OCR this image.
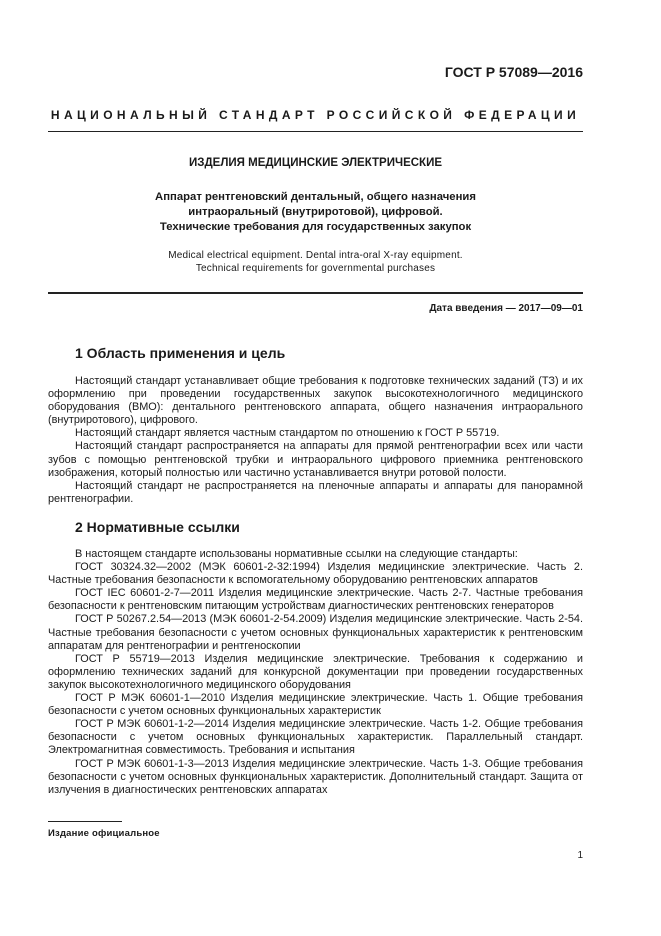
ГОСТ Р 57089—2016
НАЦИОНАЛЬНЫЙ СТАНДАРТ РОССИЙСКОЙ ФЕДЕРАЦИИ
ИЗДЕЛИЯ МЕДИЦИНСКИЕ ЭЛЕКТРИЧЕСКИЕ
Аппарат рентгеновский дентальный, общего назначения
интраоральный (внутриротовой), цифровой.
Технические требования для государственных закупок
Medical electrical equipment. Dental intra-oral X-ray equipment.
Technical requirements for governmental purchases
Дата введения — 2017—09—01
1 Область применения и цель

Настоящий стандарт устанавливает общие требования к подготовке технических заданий (ТЗ) и их оформлению при проведении государственных закупок высокотехнологичного медицинского оборудования (ВМО): дентального рентгеновского аппарата, общего назначения интраорального (внутриротового), цифрового.

Настоящий стандарт является частным стандартом по отношению к ГОСТ Р 55719.

Настоящий стандарт распространяется на аппараты для прямой рентгенографии всех или части зубов с помощью рентгеновской трубки и интраорального цифрового приемника рентгеновского изображения, который полностью или частично устанавливается внутри ротовой полости.

Настоящий стандарт не распространяется на пленочные аппараты и аппараты для панорамной рентгенографии.

2 Нормативные ссылки

В настоящем стандарте использованы нормативные ссылки на следующие стандарты:

ГОСТ 30324.32—2002 (МЭК 60601-2-32:1994) Изделия медицинские электрические. Часть 2. Частные требования безопасности к вспомогательному оборудованию рентгеновских аппаратов

ГОСТ IEC 60601-2-7—2011 Изделия медицинские электрические. Часть 2-7. Частные требования безопасности к рентгеновским питающим устройствам диагностических рентгеновских генераторов

ГОСТ Р 50267.2.54—2013 (МЭК 60601-2-54.2009) Изделия медицинские электрические. Часть 2-54. Частные требования безопасности с учетом основных функциональных характеристик к рентгеновским аппаратам для рентгенографии и рентгеноскопии

ГОСТ Р 55719—2013 Изделия медицинские электрические. Требования к содержанию и оформлению технических заданий для конкурсной документации при проведении государственных закупок высокотехнологичного медицинского оборудования

ГОСТ Р МЭК 60601-1—2010 Изделия медицинские электрические. Часть 1. Общие требования безопасности с учетом основных функциональных характеристик

ГОСТ Р МЭК 60601-1-2—2014 Изделия медицинские электрические. Часть 1-2. Общие требования безопасности с учетом основных функциональных характеристик. Параллельный стандарт. Электромагнитная совместимость. Требования и испытания

ГОСТ Р МЭК 60601-1-3—2013 Изделия медицинские электрические. Часть 1-3. Общие требования безопасности с учетом основных функциональных характеристик. Дополнительный стандарт. Защита от излучения в диагностических рентгеновских аппаратах

Издание официальное
1
